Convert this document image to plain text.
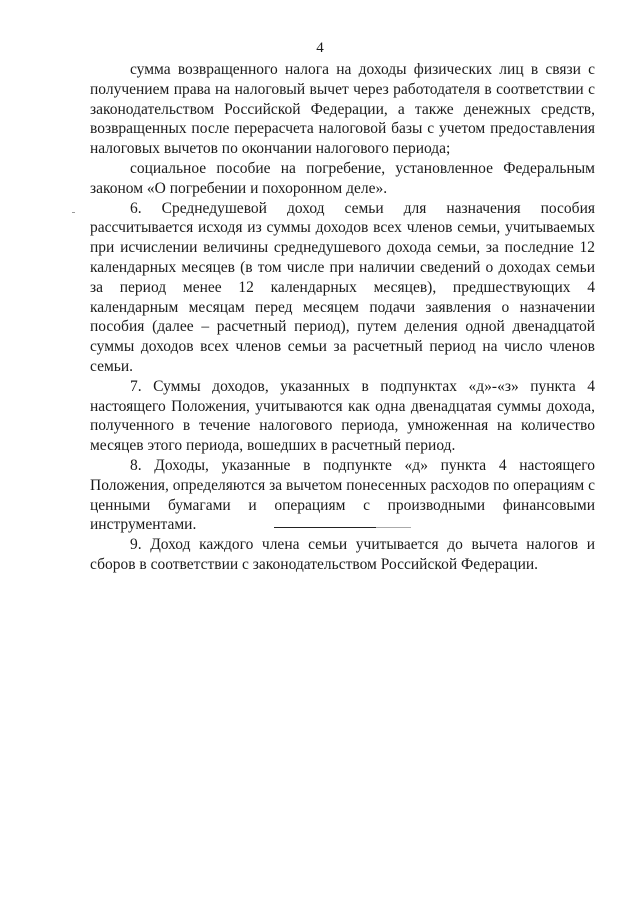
4

сумма возвращенного налога на доходы физических лиц в связи с получением права на налоговый вычет через работодателя в соответствии с законодательством Российской Федерации, а также денежных средств, возвращенных после перерасчета налоговой базы с учетом предоставления налоговых вычетов по окончании налогового периода;

социальное пособие на погребение, установленное Федеральным законом «О погребении и похоронном деле».

6. Среднедушевой доход семьи для назначения пособия рассчитывается исходя из суммы доходов всех членов семьи, учитываемых при исчислении величины среднедушевого дохода семьи, за последние 12 календарных месяцев (в том числе при наличии сведений о доходах семьи за период менее 12 календарных месяцев), предшествующих 4 календарным месяцам перед месяцем подачи заявления о назначении пособия (далее – расчетный период), путем деления одной двенадцатой суммы доходов всех членов семьи за расчетный период на число членов семьи.

7. Суммы доходов, указанных в подпунктах «д»-«з» пункта 4 настоящего Положения, учитываются как одна двенадцатая суммы дохода, полученного в течение налогового периода, умноженная на количество месяцев этого периода, вошедших в расчетный период.

8. Доходы, указанные в подпункте «д» пункта 4 настоящего Положения, определяются за вычетом понесенных расходов по операциям с ценными бумагами и операциям с производными финансовыми инструментами.

9. Доход каждого члена семьи учитывается до вычета налогов и сборов в соответствии с законодательством Российской Федерации.
